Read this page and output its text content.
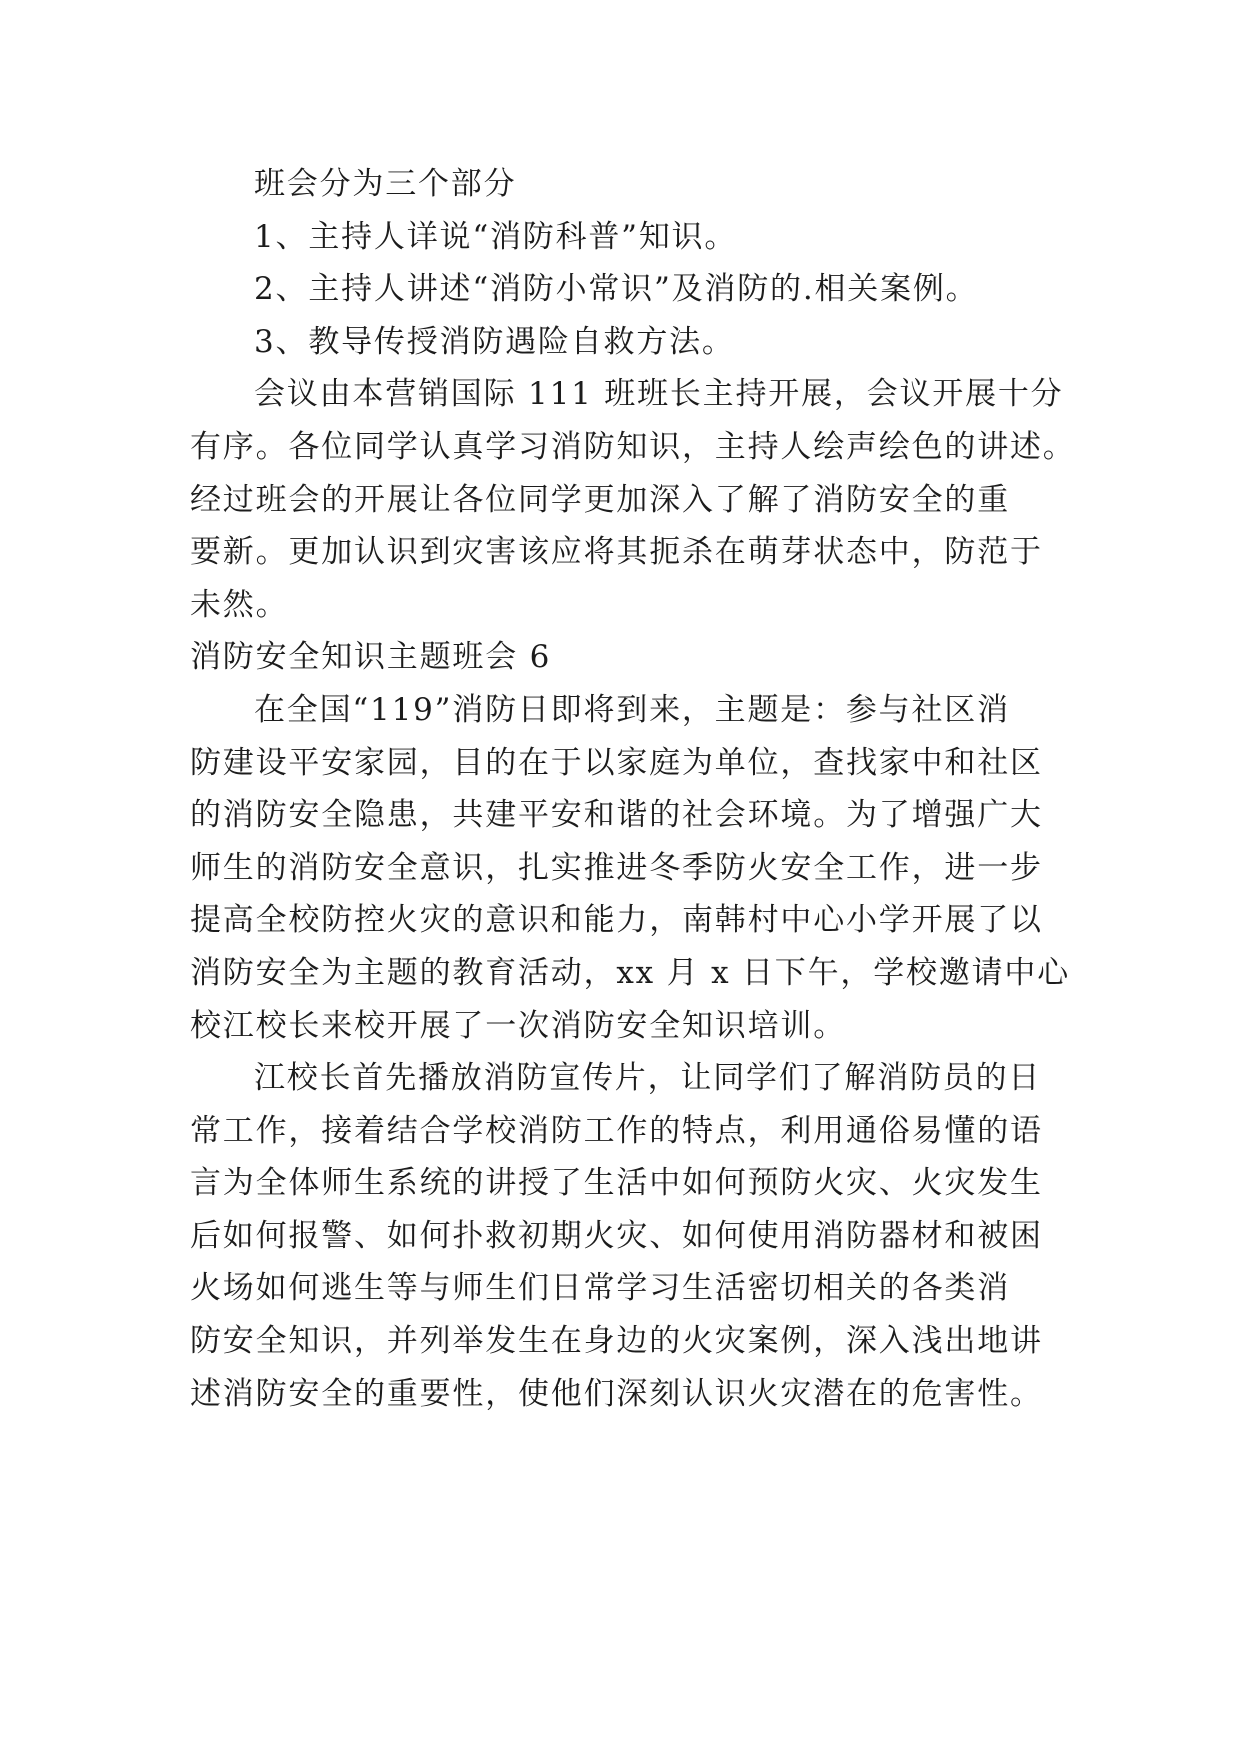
班会分为三个部分
1、主持人详说“消防科普”知识。
2、主持人讲述“消防小常识”及消防的.相关案例。
3、教导传授消防遇险自救方法。
会议由本营销国际 111 班班长主持开展，会议开展十分
有序。各位同学认真学习消防知识，主持人绘声绘色的讲述。
经过班会的开展让各位同学更加深入了解了消防安全的重
要新。更加认识到灾害该应将其扼杀在萌芽状态中，防范于
未然。
消防安全知识主题班会 6
在全国“119”消防日即将到来，主题是：参与社区消
防建设平安家园，目的在于以家庭为单位，查找家中和社区
的消防安全隐患，共建平安和谐的社会环境。为了增强广大
师生的消防安全意识，扎实推进冬季防火安全工作，进一步
提高全校防控火灾的意识和能力，南韩村中心小学开展了以
消防安全为主题的教育活动，xx 月 x 日下午，学校邀请中心
校江校长来校开展了一次消防安全知识培训。
江校长首先播放消防宣传片，让同学们了解消防员的日
常工作，接着结合学校消防工作的特点，利用通俗易懂的语
言为全体师生系统的讲授了生活中如何预防火灾、火灾发生
后如何报警、如何扑救初期火灾、如何使用消防器材和被困
火场如何逃生等与师生们日常学习生活密切相关的各类消
防安全知识，并列举发生在身边的火灾案例，深入浅出地讲
述消防安全的重要性，使他们深刻认识火灾潜在的危害性。
